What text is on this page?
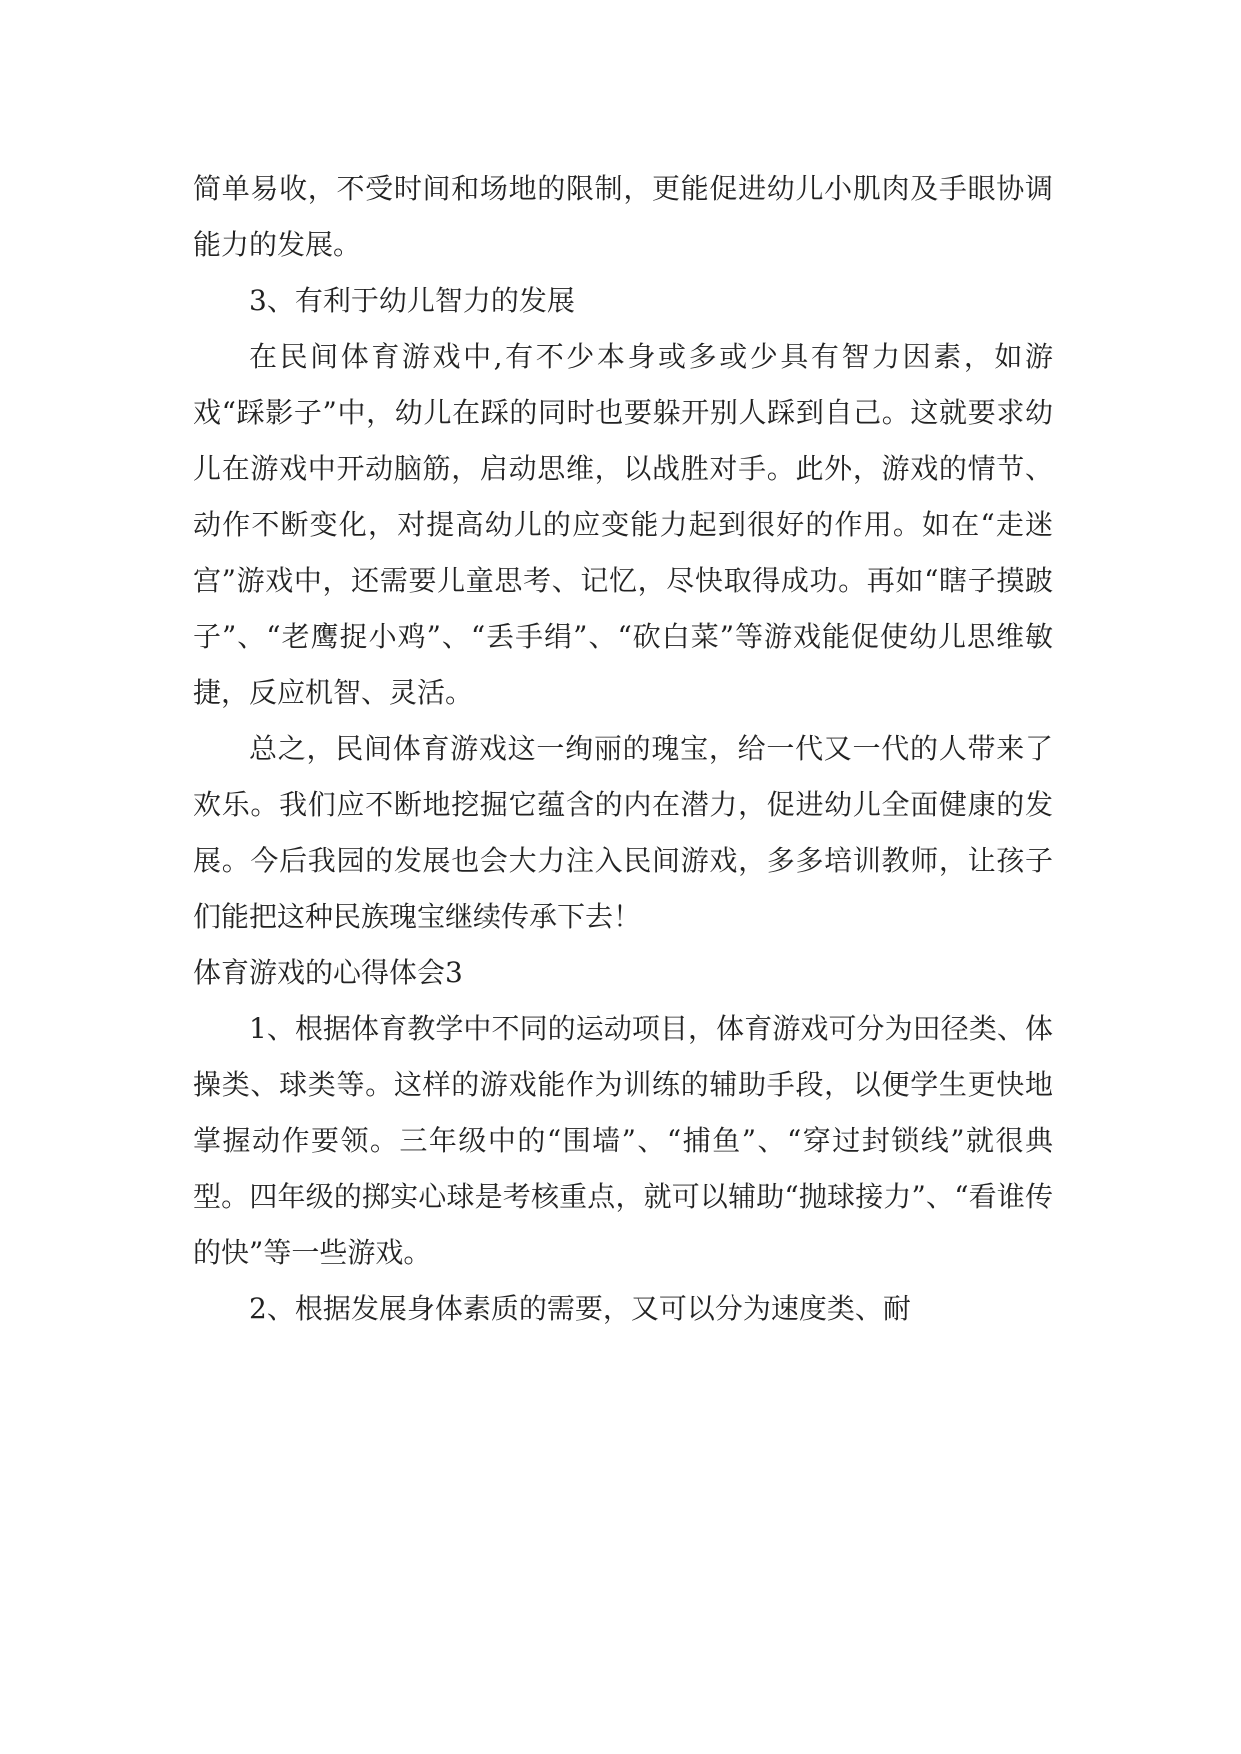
简单易收，不受时间和场地的限制，更能促进幼儿小肌肉及手眼协调能力的发展。

3、有利于幼儿智力的发展

在民间体育游戏中,有不少本身或多或少具有智力因素，如游戏“踩影子”中，幼儿在踩的同时也要躲开别人踩到自己。这就要求幼儿在游戏中开动脑筋，启动思维，以战胜对手。此外，游戏的情节、动作不断变化，对提高幼儿的应变能力起到很好的作用。如在“走迷宫”游戏中，还需要儿童思考、记忆，尽快取得成功。再如“瞎子摸跛子”、“老鹰捉小鸡”、“丢手绢”、“砍白菜”等游戏能促使幼儿思维敏捷，反应机智、灵活。

总之，民间体育游戏这一绚丽的瑰宝，给一代又一代的人带来了欢乐。我们应不断地挖掘它蕴含的内在潜力，促进幼儿全面健康的发展。今后我园的发展也会大力注入民间游戏，多多培训教师，让孩子们能把这种民族瑰宝继续传承下去！

体育游戏的心得体会3

1、根据体育教学中不同的运动项目，体育游戏可分为田径类、体操类、球类等。这样的游戏能作为训练的辅助手段，以便学生更快地掌握动作要领。三年级中的“围墙”、“捕鱼”、“穿过封锁线”就很典型。四年级的掷实心球是考核重点，就可以辅助“抛球接力”、“看谁传的快”等一些游戏。

2、根据发展身体素质的需要，又可以分为速度类、耐
